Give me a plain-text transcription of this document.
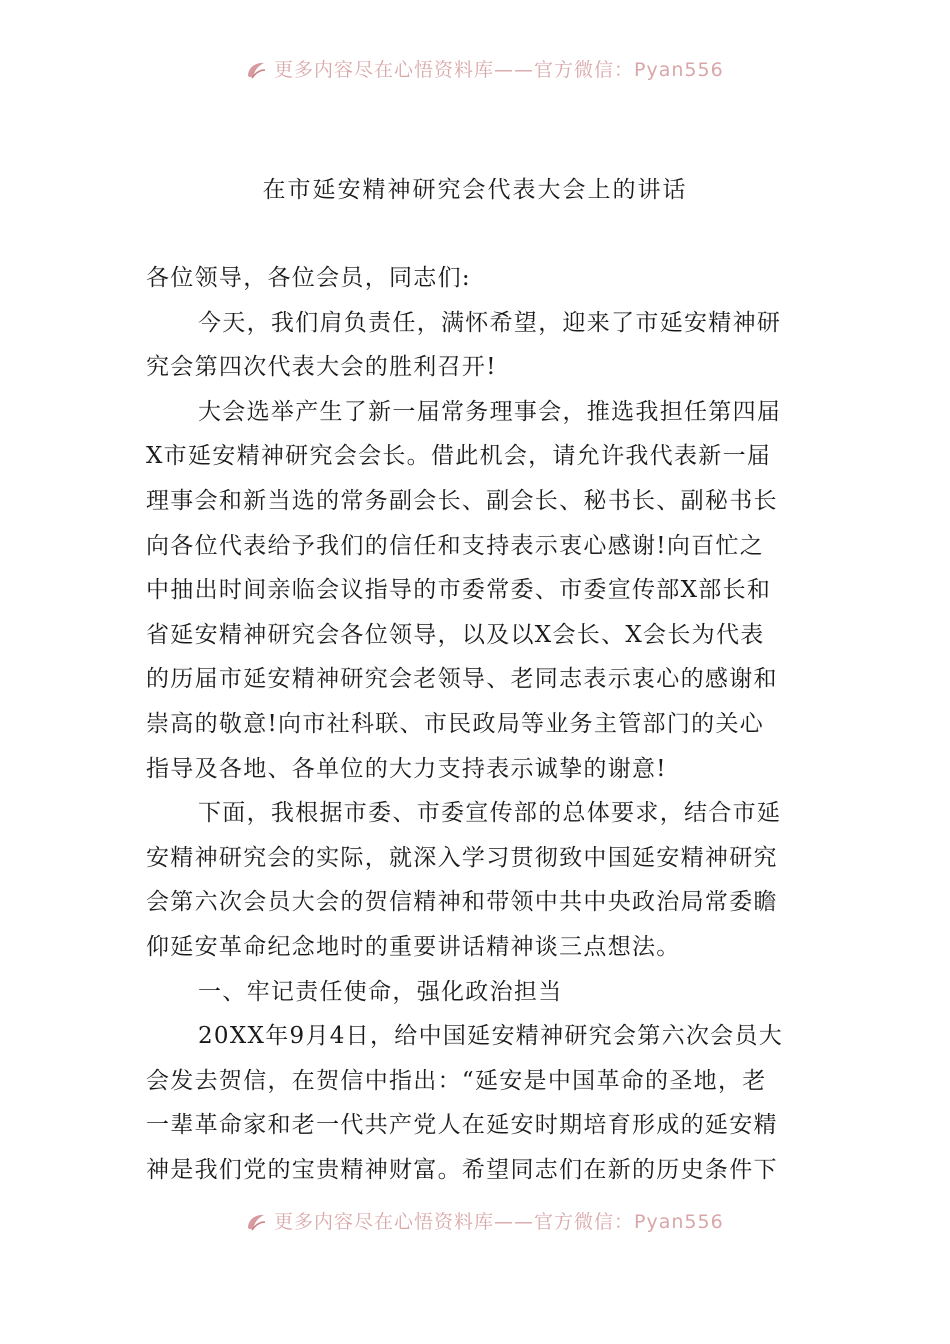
更多内容尽在心悟资料库——官方微信：Pyan556
在市延安精神研究会代表大会上的讲话
各位领导，各位会员，同志们:
今天，我们肩负责任，满怀希望，迎来了市延安精神研
究会第四次代表大会的胜利召开!
大会选举产生了新一届常务理事会，推选我担任第四届
X市延安精神研究会会长。借此机会，请允许我代表新一届
理事会和新当选的常务副会长、副会长、秘书长、副秘书长
向各位代表给予我们的信任和支持表示衷心感谢!向百忙之
中抽出时间亲临会议指导的市委常委、市委宣传部X部长和
省延安精神研究会各位领导，以及以X会长、X会长为代表
的历届市延安精神研究会老领导、老同志表示衷心的感谢和
崇高的敬意!向市社科联、市民政局等业务主管部门的关心
指导及各地、各单位的大力支持表示诚挚的谢意!
下面，我根据市委、市委宣传部的总体要求，结合市延
安精神研究会的实际，就深入学习贯彻致中国延安精神研究
会第六次会员大会的贺信精神和带领中共中央政治局常委瞻
仰延安革命纪念地时的重要讲话精神谈三点想法。
一、牢记责任使命，强化政治担当
20XX年9月4日，给中国延安精神研究会第六次会员大
会发去贺信，在贺信中指出：“延安是中国革命的圣地，老
一辈革命家和老一代共产党人在延安时期培育形成的延安精
神是我们党的宝贵精神财富。希望同志们在新的历史条件下
更多内容尽在心悟资料库——官方微信：Pyan556
